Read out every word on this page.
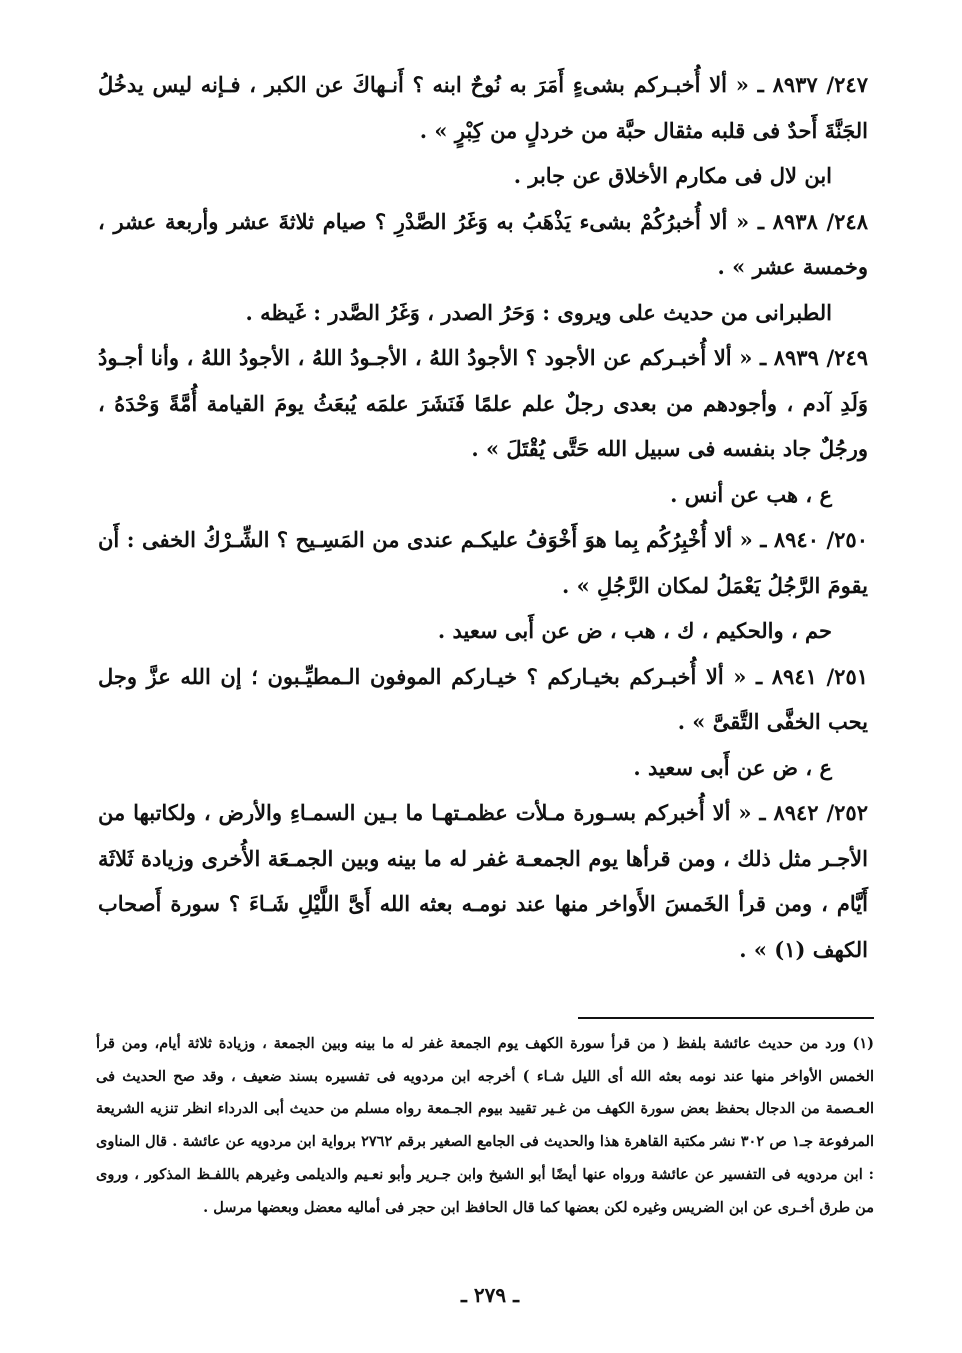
٢٤٧/ ٨٩٣٧ ـ « ألا أُخبـركم بشىءٍ أَمَرَ به نُوحٌ ابنه ؟ أَنـهاكَ عن الكبر ، فـإنه ليس يدخُلُ الجَنَّةَ أَحدٌ فى قلبه مثقال حبَّة من خردلٍ من كِبْرٍ » .

ابن لال فى مكارم الأخلاق عن جابر .

٢٤٨/ ٨٩٣٨ ـ « ألا أُخبرُكُمْ بشىء يَذْهَبُ به وَغَرُ الصَّدْرِ ؟ صيام ثلاثةَ عشر وأربعة عشر ، وخمسة عشر » .

الطبرانى من حديث على ويروى : وَحَرُ الصدر ، وَغَرُ الصَّدر : غَيظه .

٢٤٩/ ٨٩٣٩ ـ « ألا أُخبـركم عن الأجود ؟ الأجودُ اللهُ ، الأجـودُ اللهُ ، الأجودُ اللهُ ، وأنا أجـودُ وَلَدِ آدم ، وأجودهم من بعدى رجلٌ علم علمًا فَنَشَرَ علمَه يُبعَثُ يومَ القيامة أُمَّةً وَحْدَهُ ، ورجُلٌ جاد بنفسه فى سبيل الله حَتَّى يُقْتَلَ » .

ع ، هب عن أنس .

٢٥٠/ ٨٩٤٠ ـ « ألا أُخْبِرُكُم بِما هوَ أَخْوَفُ عليكـم عندى من المَسِـيح ؟ الشِّـرْكُ الخفى : أَن يقومَ الرَّجُلُ يَعْمَلُ لمكان الرَّجُلِ » .

حم ، والحكيم ، ك ، هب ، ض عن أَبى سعيد .

٢٥١/ ٨٩٤١ ـ « ألا أُخبـركم بخيـاركم ؟ خيـاركم الموفون الـمطيِّـبون ؛ إن الله عزَّ وجل يحب الخفَّى التَّقىَّ » .

ع ، ض عن أَبى سعيد .

٢٥٢/ ٨٩٤٢ ـ « ألا أُخبركم بسـورة مـلأت عظمـتهـا ما بـين السمـاءِ والأرض ، ولكاتبها من الأجـر مثل ذلك ، ومن قرأها يوم الجمعـة غفر له ما بينه وبين الجمـعَة الأُخرى وزيادة ثَلاثَة أَيَّام ، ومن قرأ الخَمسَ الأَواخر منها عند نومـه بعثه الله أَىَّ اللَّيْلِ شَـاءَ ؟ سورة أَصحاب الكهف (١) » .

(١) ورد من حديث عائشة بلفظ ( من قرأ سورة الكهف يوم الجمعة غفر له ما بينه وبين الجمعة ، وزيادة ثلاثة أيام، ومن قرأ الخمس الأواخر منها عند نومه بعثه الله أى الليل شـاء ) أخرجه ابن مردويه فى تفسيره بسند ضعيف ، وقد صح الحديث فى العـصمة من الدجال بحفظ بعض سورة الكهف من غـير تقييد بيوم الجـمعة رواه مسلم من حديث أبى الدرداء انظر تنزيه الشريعة المرفوعة جـ١ ص ٣٠٢ نشر مكتبة القاهرة هذا والحديث فى الجامع الصغير برقم ٢٧٦٢ برواية ابن مردويه عن عائشة . قال المناوى : ابن مردويه فى التفسير عن عائشة ورواه عنها أيضًا أبو الشيخ وابن جـرير وأبو نعـيم والديلمى وغيرهم باللفـظ المذكور ، وروى من طرق أخـرى عن ابن الضريس وغيره لكن بعضها كما قال الحافظ ابن حجر فى أماليه معضل وبعضها مرسل .

ـ ٢٧٩ ـ
